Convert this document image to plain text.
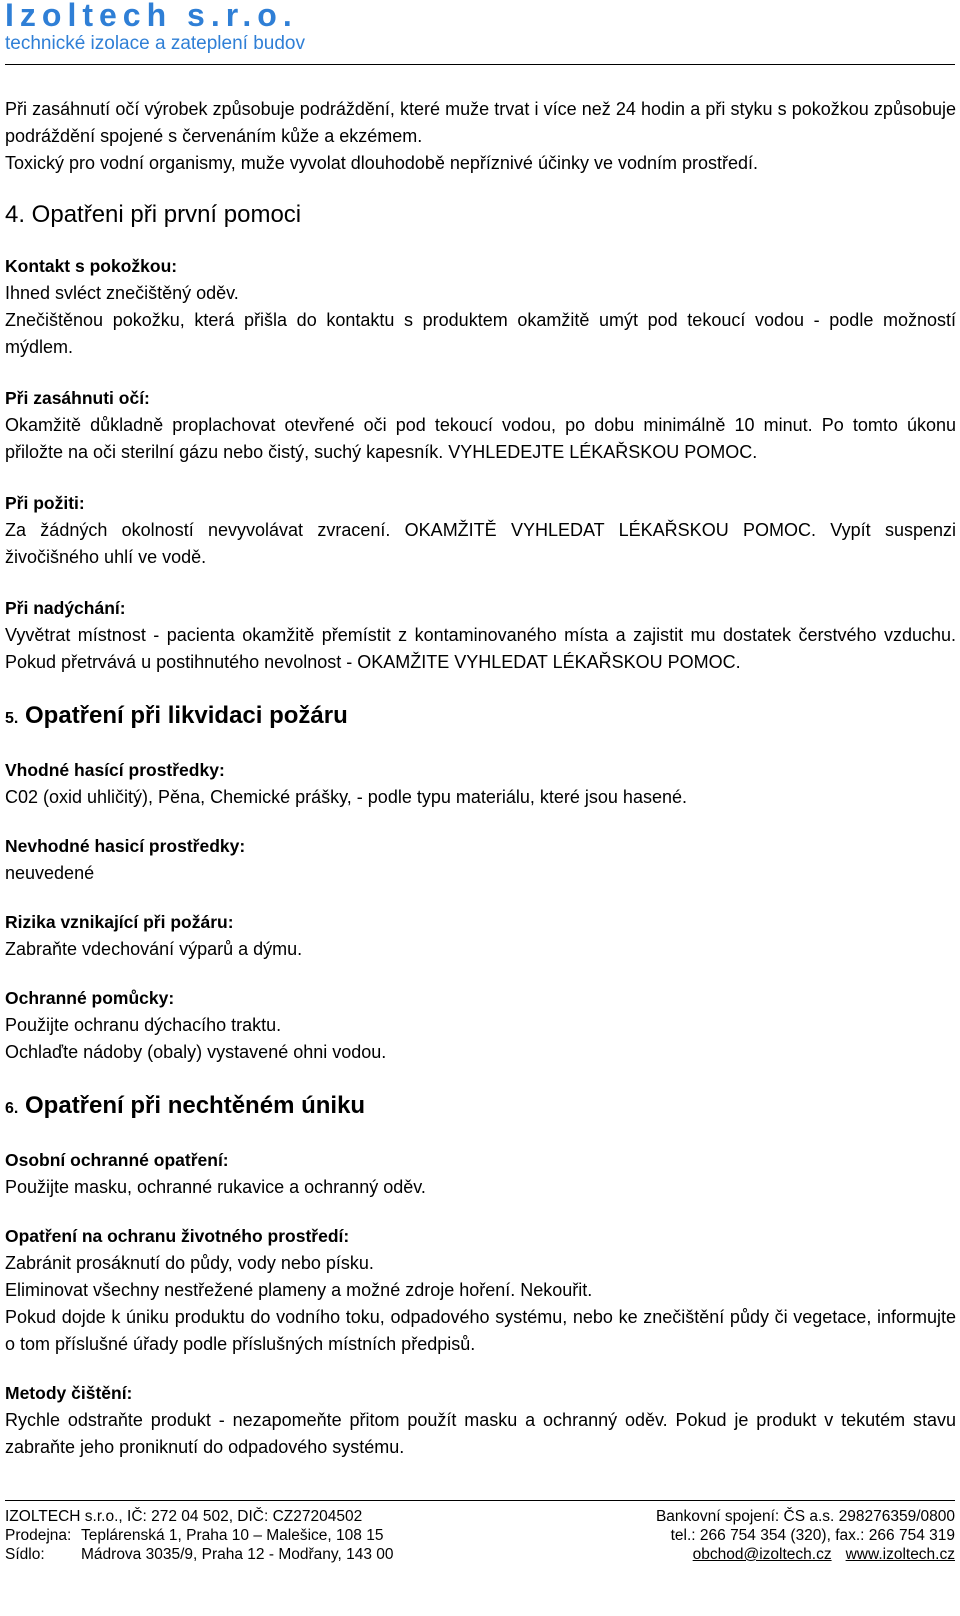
Izoltech s.r.o.
technické izolace a zateplení budov

Při zasáhnutí očí výrobek způsobuje podráždění, které muže trvat i více než 24 hodin a při styku s pokožkou způsobuje podráždění spojené s červenáním kůže a ekzémem.

Toxický pro vodní organismy, muže vyvolat dlouhodobě nepříznivé účinky ve vodním prostředí.

4. Opatřeni při první pomoci

Kontakt s pokožkou:

Ihned svléct znečištěný oděv.

Znečištěnou pokožku, která přišla do kontaktu s produktem okamžitě umýt pod tekoucí vodou - podle možností mýdlem.

Při zasáhnuti očí:

Okamžitě důkladně proplachovat otevřené oči pod tekoucí vodou, po dobu minimálně 10 minut. Po tomto úkonu přiložte na oči sterilní gázu nebo čistý, suchý kapesník. VYHLEDEJTE LÉKAŘSKOU POMOC.

Při požiti:

Za žádných okolností nevyvolávat zvracení. OKAMŽITĚ VYHLEDAT LÉKAŘSKOU POMOC. Vypít suspenzi živočišného uhlí ve vodě.

Při nadýchání:

Vyvětrat místnost - pacienta okamžitě přemístit z kontaminovaného místa a zajistit mu dostatek čerstvého vzduchu. Pokud přetrvává u postihnutého nevolnost - OKAMŽITE VYHLEDAT LÉKAŘSKOU POMOC.

5. Opatření při likvidaci požáru

Vhodné hasící prostředky:

C02 (oxid uhličitý), Pěna, Chemické prášky, - podle typu materiálu, které jsou hasené.

Nevhodné hasicí prostředky:

neuvedené

Rizika vznikající při požáru:

Zabraňte vdechování výparů a dýmu.

Ochranné pomůcky:

Použijte ochranu dýchacího traktu.

Ochlaďte nádoby (obaly) vystavené ohni vodou.

6. Opatření při nechtěném úniku

Osobní ochranné opatření:

Použijte masku, ochranné rukavice a ochranný oděv.

Opatření na ochranu životného prostředí:

Zabránit prosáknutí do půdy, vody nebo písku.

Eliminovat všechny nestřežené plameny a možné zdroje hoření. Nekouřit.

Pokud dojde k úniku produktu do vodního toku, odpadového systému, nebo ke znečištění půdy či vegetace, informujte o tom příslušné úřady podle příslušných místních předpisů.

Metody čištění:

Rychle odstraňte produkt - nezapomeňte přitom použít masku a ochranný oděv. Pokud je produkt v tekutém stavu zabraňte jeho proniknutí do odpadového systému.

IZOLTECH s.r.o., IČ: 272 04 502, DIČ: CZ27204502	Bankovní spojení: ČS a.s. 298276359/0800
Prodejna: Teplárenská 1, Praha 10 – Malešice, 108 15	tel.: 266 754 354 (320), fax.: 266 754 319
Sídlo:	Mádrova 3035/9, Praha 12 - Modřany, 143 00	obchod@izoltech.cz www.izoltech.cz
